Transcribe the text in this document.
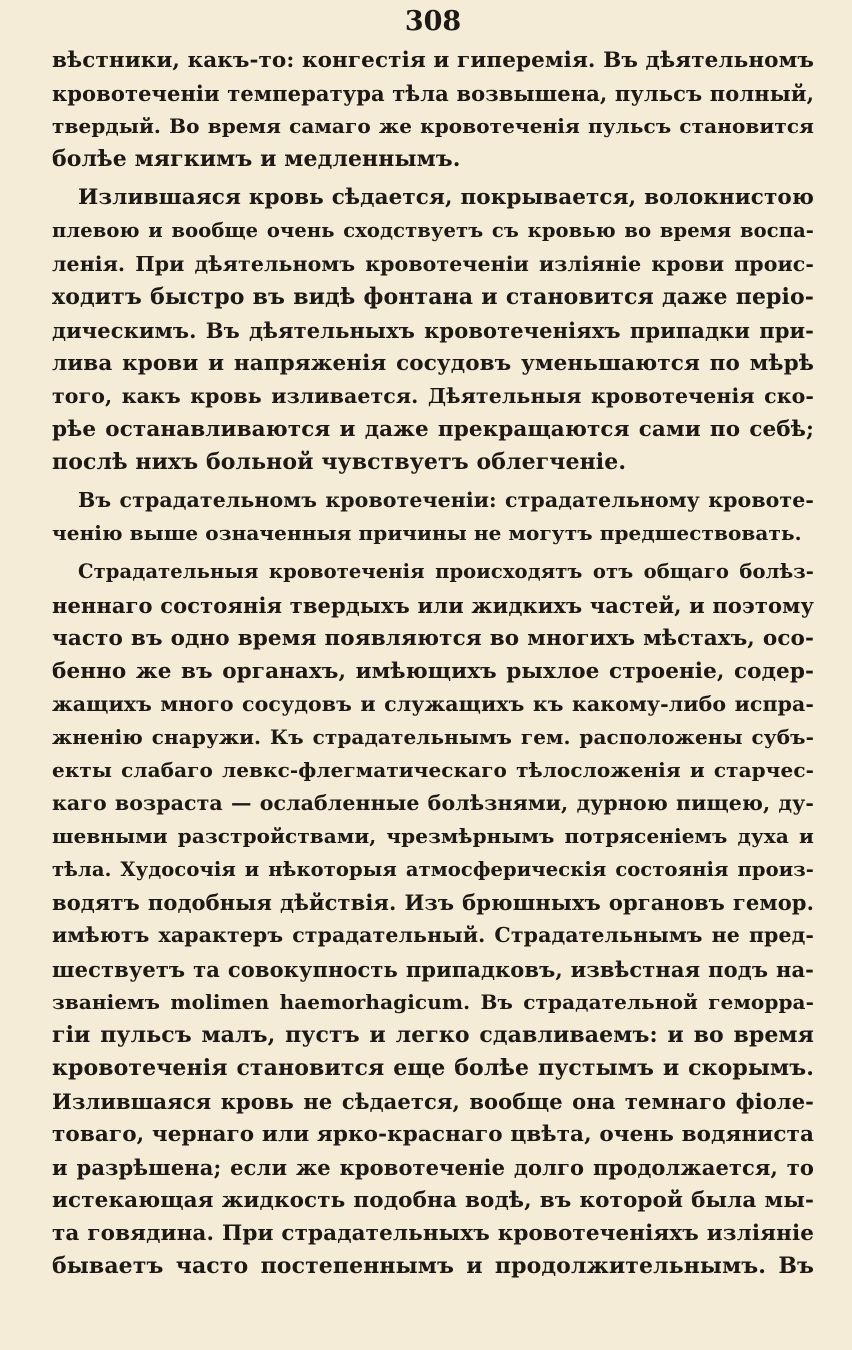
308
вѣстники, какъ-то: конгестія и гиперемія. Въ дѣятельномъ
кровотеченіи температура тѣла возвышена, пульсъ полный,
твердый. Во время самаго же кровотеченія пульсъ становится
болѣе мягкимъ и медленнымъ.
Излившаяся кровь сѣдается, покрывается, волокнистою
плевою и вообще очень сходствуетъ съ кровью во время воспа-
ленія. При дѣятельномъ кровотеченіи изліяніе крови проис-
ходитъ быстро въ видѣ фонтана и становится даже періо-
дическимъ. Въ дѣятельныхъ кровотеченіяхъ припадки при-
лива крови и напряженія сосудовъ уменьшаются по мѣрѣ
того, какъ кровь изливается. Дѣятельныя кровотеченія ско-
рѣе останавливаются и даже прекращаются сами по себѣ;
послѣ нихъ больной чувствуетъ облегченіе.
Въ страдательномъ кровотеченіи: страдательному кровоте-
ченію выше означенныя причины не могутъ предшествовать.
Страдательныя кровотеченія происходятъ отъ общаго болѣз-
неннаго состоянія твердыхъ или жидкихъ частей, и поэтому
часто въ одно время появляются во многихъ мѣстахъ, осо-
бенно же въ органахъ, имѣющихъ рыхлое строеніе, содер-
жащихъ много сосудовъ и служащихъ къ какому-либо испра-
жненію снаружи. Къ страдательнымъ гем. расположены субъ-
екты слабаго левкс-флегматическаго тѣлосложенія и старчес-
каго возраста — ослабленные болѣзнями, дурною пищею, ду-
шевными разстройствами, чрезмѣрнымъ потрясеніемъ духа и
тѣла. Худосочія и нѣкоторыя атмосферическія состоянія произ-
водятъ подобныя дѣйствія. Изъ брюшныхъ органовъ гемор.
имѣютъ характеръ страдательный. Страдательнымъ не пред-
шествуетъ та совокупность припадковъ, извѣстная подъ на-
званіемъ molimen haemorhagicum. Въ страдательной геморра-
гіи пульсъ малъ, пустъ и легко сдавливаемъ: и во время
кровотеченія становится еще болѣе пустымъ и скорымъ.
Излившаяся кровь не сѣдается, вообще она темнаго фіоле-
товаго, чернаго или ярко-краснаго цвѣта, очень водяниста
и разрѣшена; если же кровотеченіе долго продолжается, то
истекающая жидкость подобна водѣ, въ которой была мы-
та говядина. При страдательныхъ кровотеченіяхъ изліяніе
бываетъ часто постепеннымъ и продолжительнымъ. Въ
